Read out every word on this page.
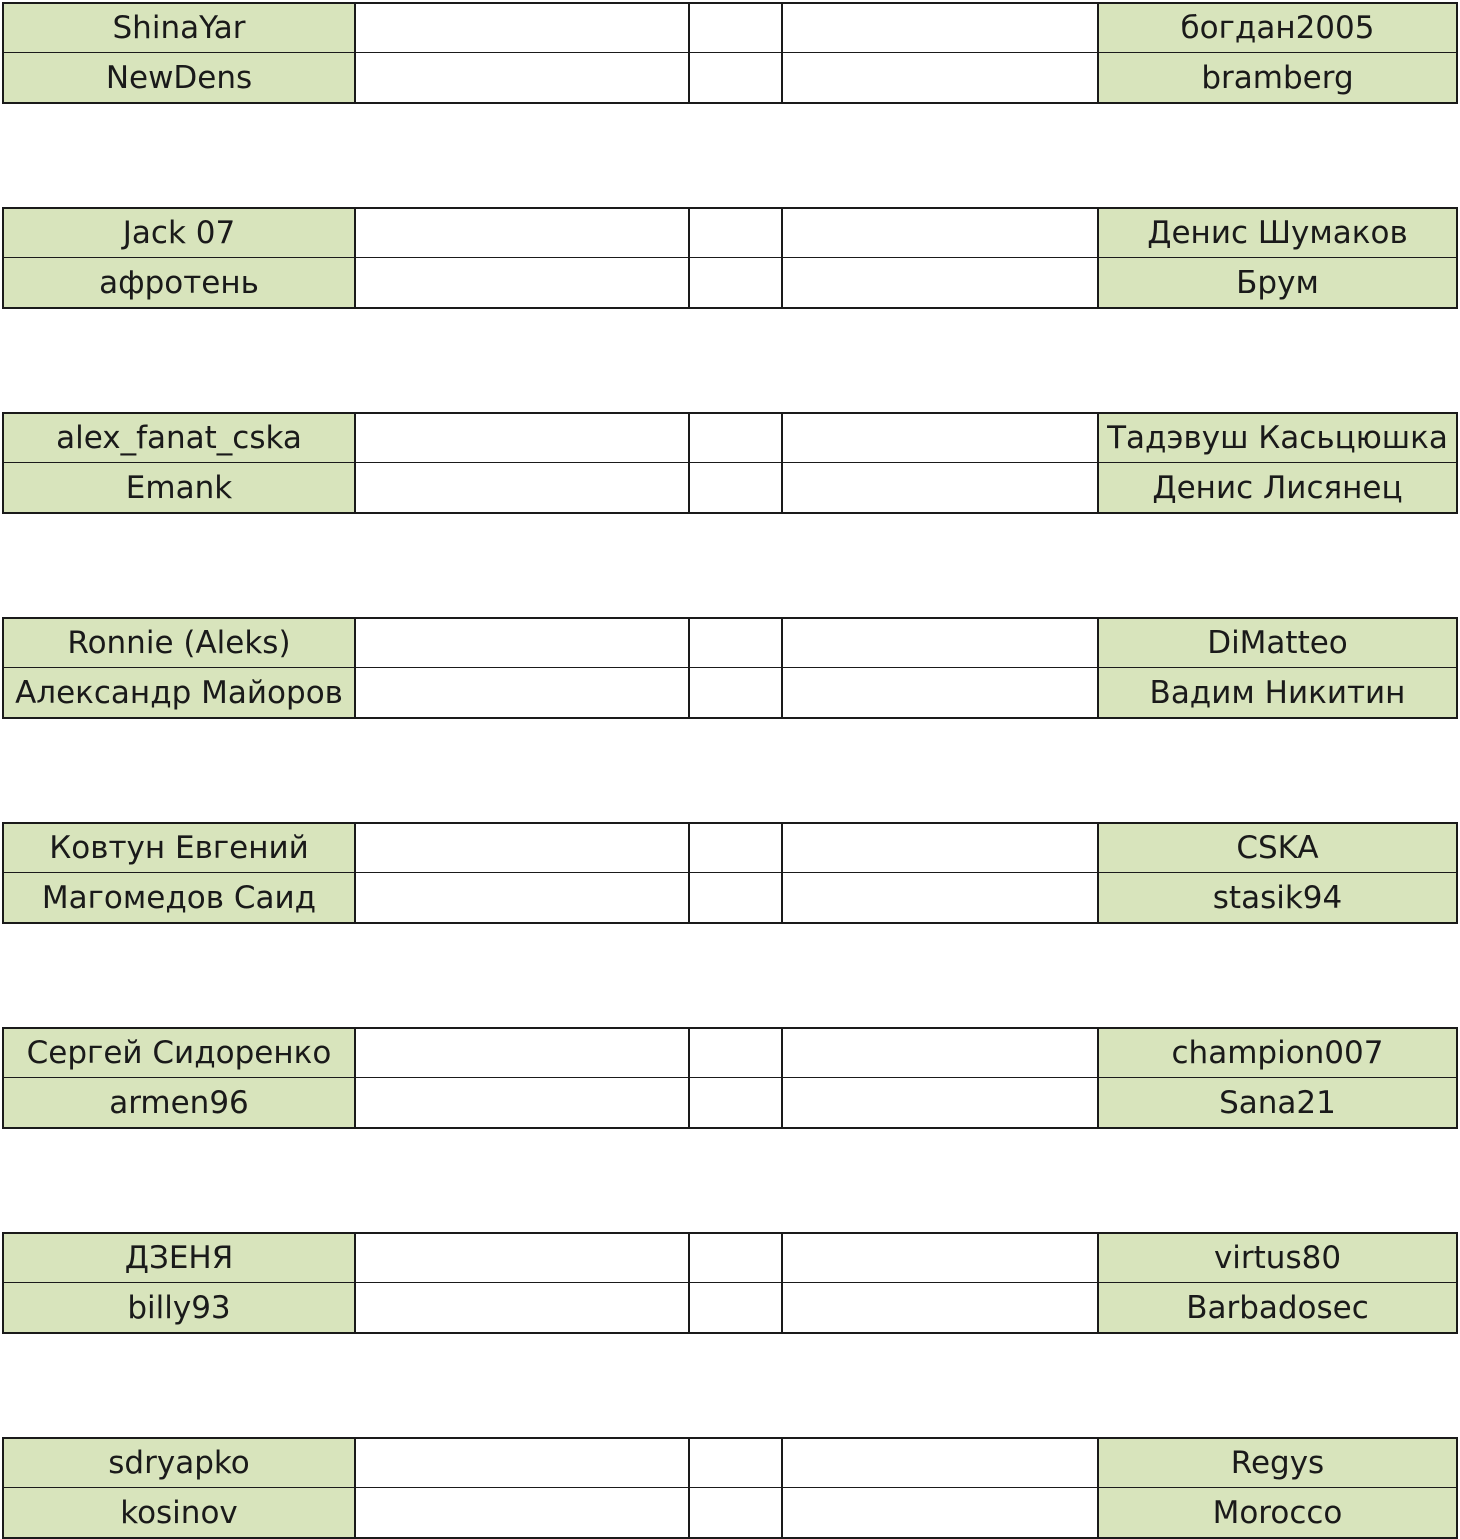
ShinaYar	богдан2005
NewDens	bramberg
Jack 07	Денис Шумаков
афротень	Брум
alex_fanat_cska	Тадэвуш Касьцюшка
Emank	Денис Лисянец
Ronnie (Aleks)	DiMatteo
Александр Майоров	Вадим Никитин
Ковтун Евгений	CSKA
Магомедов Саид	stasik94
Сергей Сидоренко	champion007
armen96	Sana21
ДЗЕНЯ	virtus80
billy93	Barbadosec
sdryapko	Regys
kosinov	Morocco
